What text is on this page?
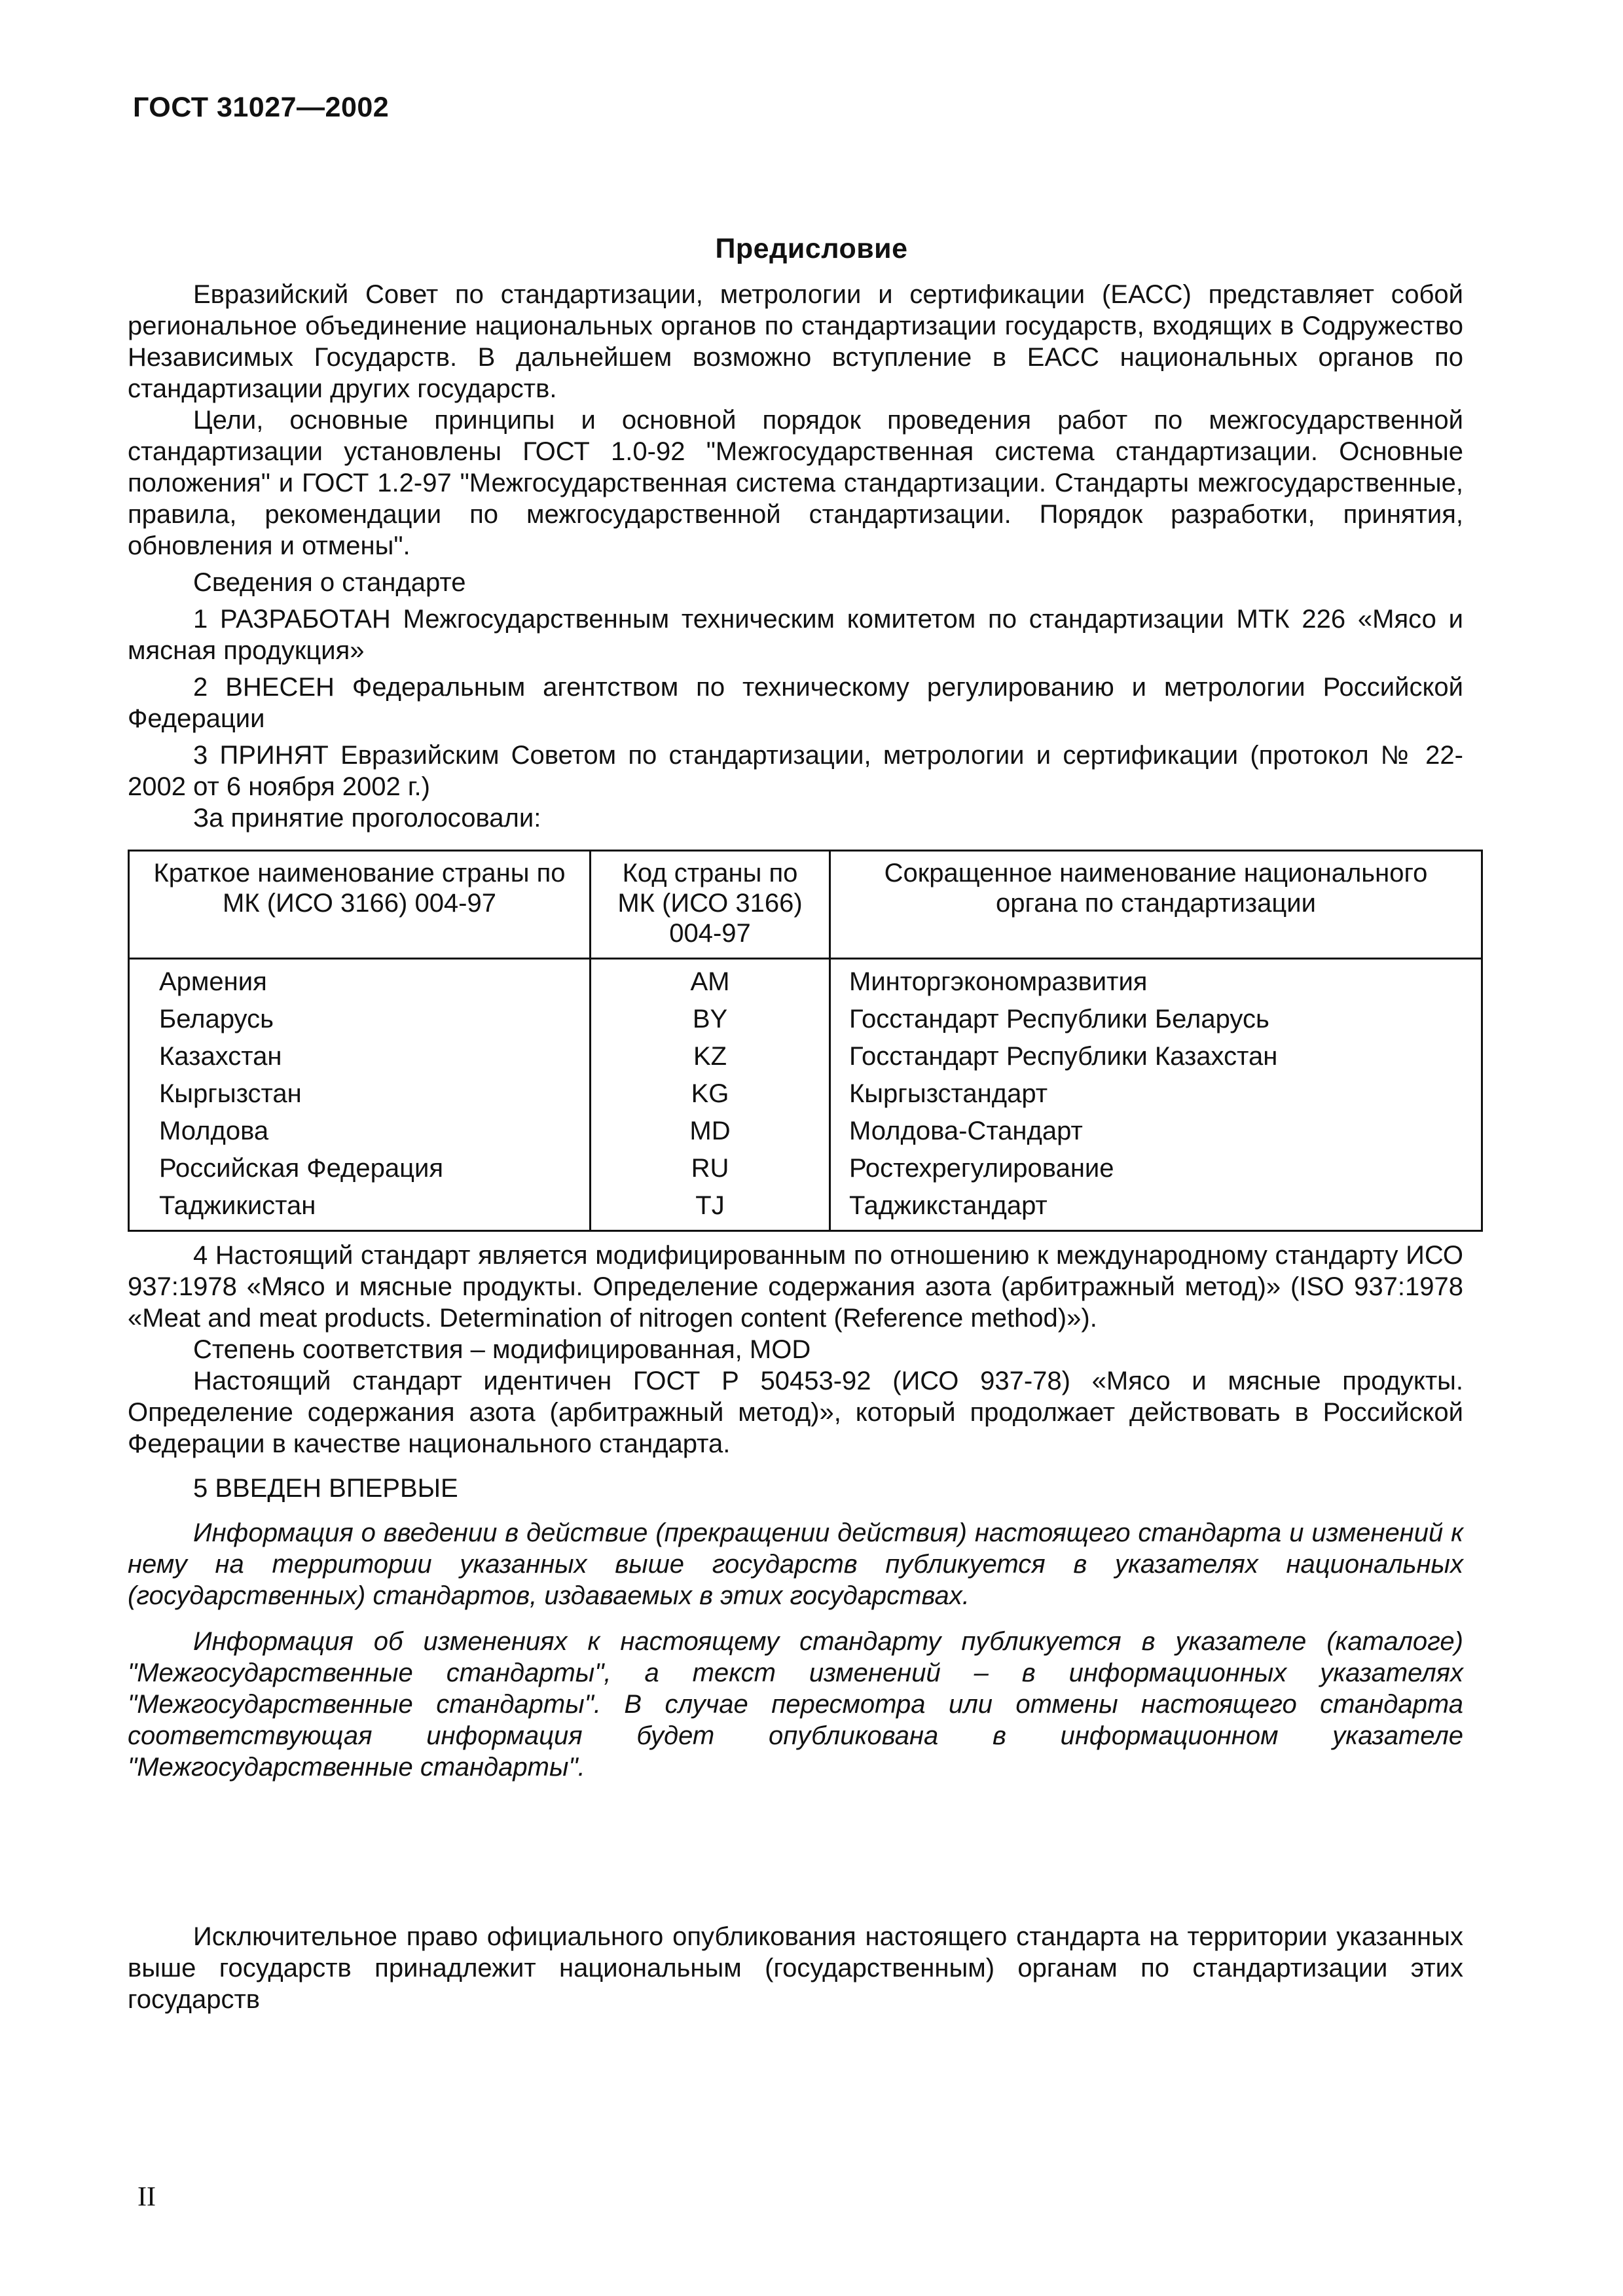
ГОСТ 31027—2002
Предисловие

Евразийский Совет по стандартизации, метрологии и сертификации (ЕАСС) представляет собой региональное объединение национальных органов по стандартизации государств, входящих в Содружество Независимых Государств. В дальнейшем возможно вступление в ЕАСС национальных органов по стандартизации других государств.

Цели, основные принципы и основной порядок проведения работ по межгосударственной стандартизации установлены ГОСТ 1.0-92 "Межгосударственная система стандартизации. Основные положения" и ГОСТ 1.2-97 "Межгосударственная система стандартизации. Стандарты межгосударственные, правила, рекомендации по межгосударственной стандартизации. Порядок разработки, принятия, обновления и отмены".

Сведения о стандарте

1 РАЗРАБОТАН Межгосударственным техническим комитетом по стандартизации МТК 226 «Мясо и мясная продукция»

2 ВНЕСЕН Федеральным агентством по техническому регулированию и метрологии Российской Федерации

3 ПРИНЯТ Евразийским Советом по стандартизации, метрологии и сертификации (протокол № 22-2002 от 6 ноября 2002 г.)

За принятие проголосовали:

Краткое наименование страны по МК (ИСО 3166) 004-97	Код страны по МК (ИСО 3166) 004-97	Сокращенное наименование национального органа по стандартизации
Армения	AM	Минторгэкономразвития
Беларусь	BY	Госстандарт Республики Беларусь
Казахстан	KZ	Госстандарт Республики Казахстан
Кыргызстан	KG	Кыргызстандарт
Молдова	MD	Молдова-Стандарт
Российская Федерация	RU	Ростехрегулирование
Таджикистан	TJ	Таджикстандарт

4 Настоящий стандарт является модифицированным по отношению к международному стандарту ИСО 937:1978 «Мясо и мясные продукты. Определение содержания азота (арбитражный метод)» (ISO 937:1978 «Meat and meat products. Determination of nitrogen content (Reference method)»).

Степень соответствия – модифицированная, MOD

Настоящий стандарт идентичен ГОСТ Р 50453-92 (ИСО 937-78) «Мясо и мясные продукты. Определение содержания азота (арбитражный метод)», который продолжает действовать в Российской Федерации в качестве национального стандарта.

5 ВВЕДЕН ВПЕРВЫЕ

Информация о введении в действие (прекращении действия) настоящего стандарта и изменений к нему на территории указанных выше государств публикуется в указателях национальных (государственных) стандартов, издаваемых в этих государствах.

Информация об изменениях к настоящему стандарту публикуется в указателе (каталоге) "Межгосударственные стандарты", а текст изменений – в информационных указателях "Межгосударственные стандарты". В случае пересмотра или отмены настоящего стандарта соответствующая информация будет опубликована в информационном указателе "Межгосударственные стандарты".

Исключительное право официального опубликования настоящего стандарта на территории указанных выше государств принадлежит национальным (государственным) органам по стандартизации этих государств

II
